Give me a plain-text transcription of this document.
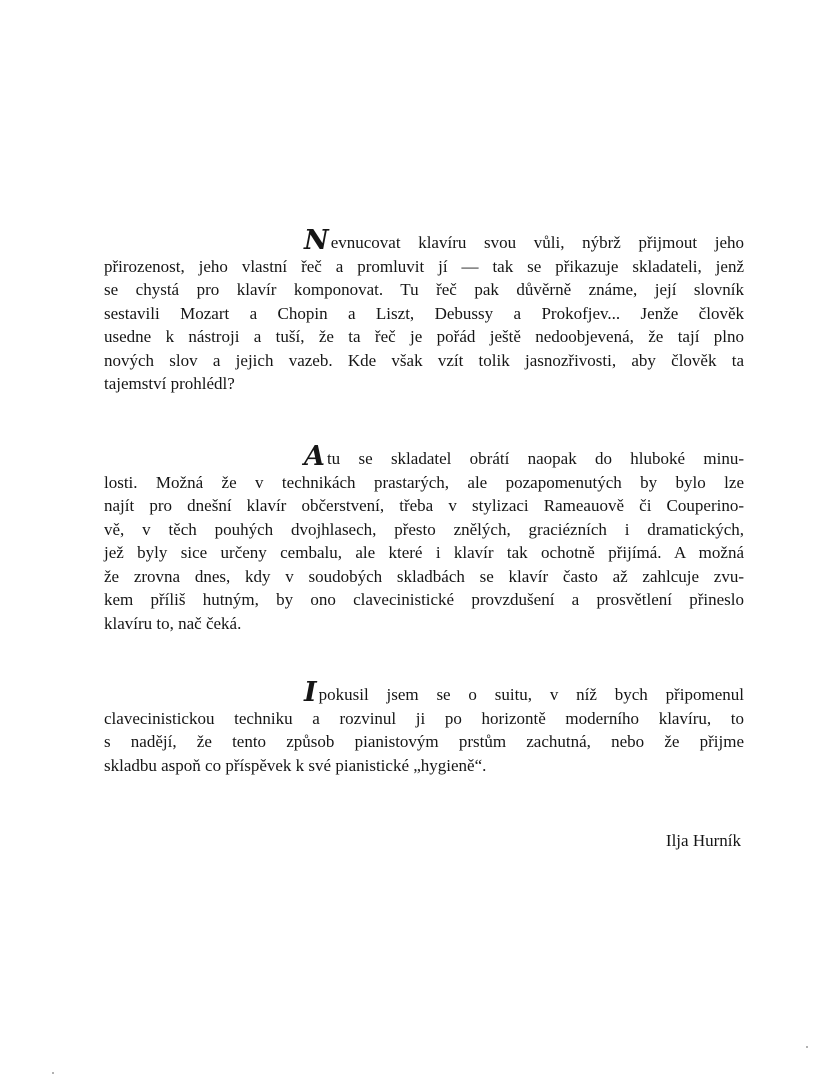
Nevnucovat klavíru svou vůli, nýbrž přijmout jeho
přirozenost, jeho vlastní řeč a promluvit jí — tak se přikazuje skladateli, jenž
se chystá pro klavír komponovat. Tu řeč pak důvěrně známe, její slovník
sestavili Mozart a Chopin a Liszt, Debussy a Prokofjev... Jenže člověk
usedne k nástroji a tuší, že ta řeč je pořád ještě nedoobjevená, že tají plno
nových slov a jejich vazeb. Kde však vzít tolik jasnozřivosti, aby člověk ta
tajemství prohlédl?
Atu se skladatel obrátí naopak do hluboké minu-
losti. Možná že v technikách prastarých, ale pozapomenutých by bylo lze
najít pro dnešní klavír občerstvení, třeba v stylizaci Rameauově či Couperino-
vě, v těch pouhých dvojhlasech, přesto znělých, graciézních i dramatických,
jež byly sice určeny cembalu, ale které i klavír tak ochotně přijímá. A možná
že zrovna dnes, kdy v soudobých skladbách se klavír často až zahlcuje zvu-
kem příliš hutným, by ono clavecinistické provzdušení a prosvětlení přineslo
klavíru to, nač čeká.
Ipokusil jsem se o suitu, v níž bych připomenul
clavecinistickou techniku a rozvinul ji po horizontě moderního klavíru, to
s nadějí, že tento způsob pianistovým prstům zachutná, nebo že přijme
skladbu aspoň co příspěvek k své pianistické „hygieně“.

Ilja Hurník
